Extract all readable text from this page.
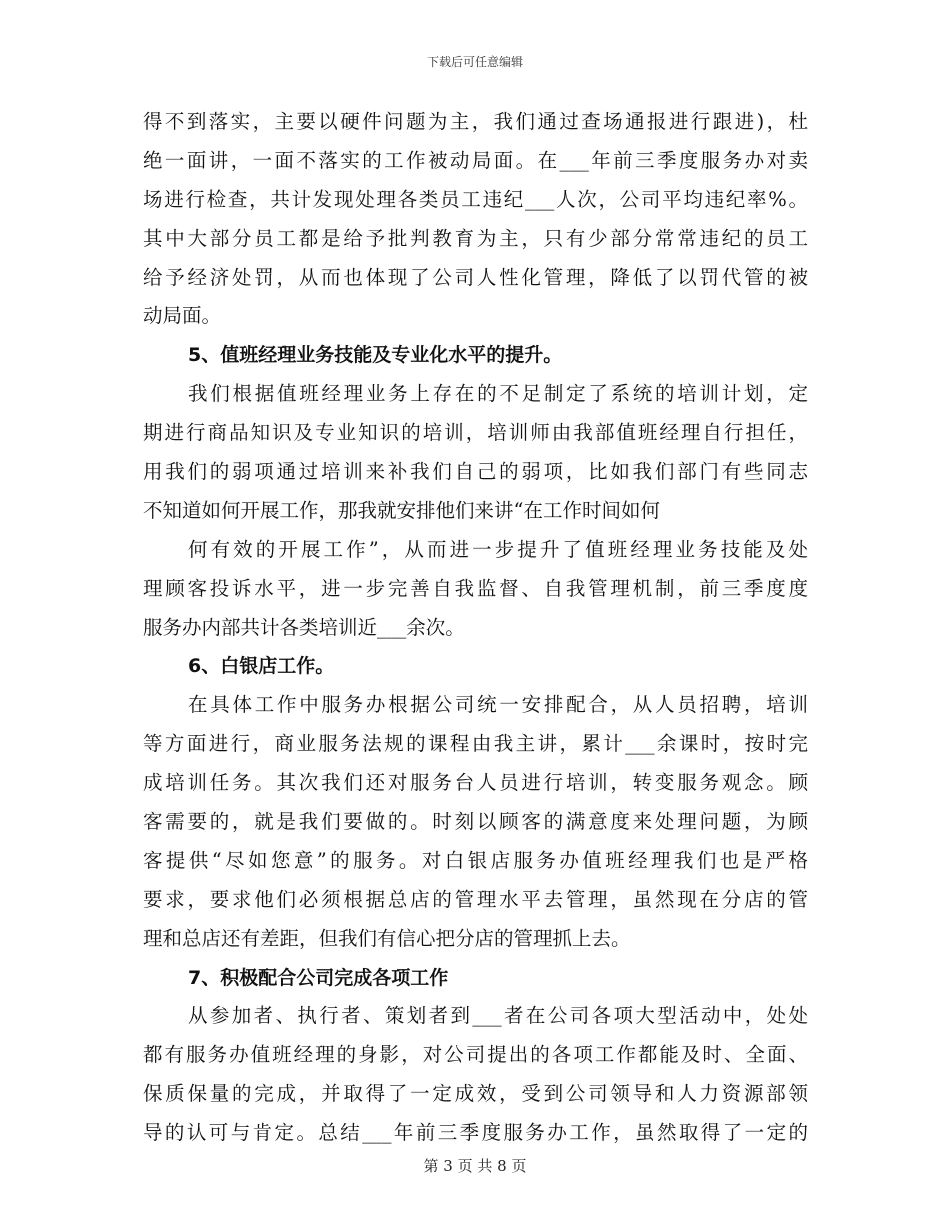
下载后可任意编辑
得不到落实，主要以硬件问题为主，我们通过查场通报进行跟进)，杜
绝一面讲，一面不落实的工作被动局面。在___年前三季度服务办对卖
场进行检查，共计发现处理各类员工违纪___人次，公司平均违纪率%。
其中大部分员工都是给予批判教育为主，只有少部分常常违纪的员工
给予经济处罚，从而也体现了公司人性化管理，降低了以罚代管的被
动局面。
5、值班经理业务技能及专业化水平的提升。
我们根据值班经理业务上存在的不足制定了系统的培训计划，定
期进行商品知识及专业知识的培训，培训师由我部值班经理自行担任，
用我们的弱项通过培训来补我们自己的弱项，比如我们部门有些同志
不知道如何开展工作，那我就安排他们来讲“在工作时间如何
何有效的开展工作”，从而进一步提升了值班经理业务技能及处
理顾客投诉水平，进一步完善自我监督、自我管理机制，前三季度度
服务办内部共计各类培训近___余次。
6、白银店工作。
在具体工作中服务办根据公司统一安排配合，从人员招聘，培训
等方面进行，商业服务法规的课程由我主讲，累计___余课时，按时完
成培训任务。其次我们还对服务台人员进行培训，转变服务观念。顾
客需要的，就是我们要做的。时刻以顾客的满意度来处理问题，为顾
客提供“尽如您意”的服务。对白银店服务办值班经理我们也是严格
要求，要求他们必须根据总店的管理水平去管理，虽然现在分店的管
理和总店还有差距，但我们有信心把分店的管理抓上去。
7、积极配合公司完成各项工作
从参加者、执行者、策划者到___者在公司各项大型活动中，处处
都有服务办值班经理的身影，对公司提出的各项工作都能及时、全面、
保质保量的完成，并取得了一定成效，受到公司领导和人力资源部领
导的认可与肯定。总结___年前三季度服务办工作，虽然取得了一定的
第 3 页 共 8 页
